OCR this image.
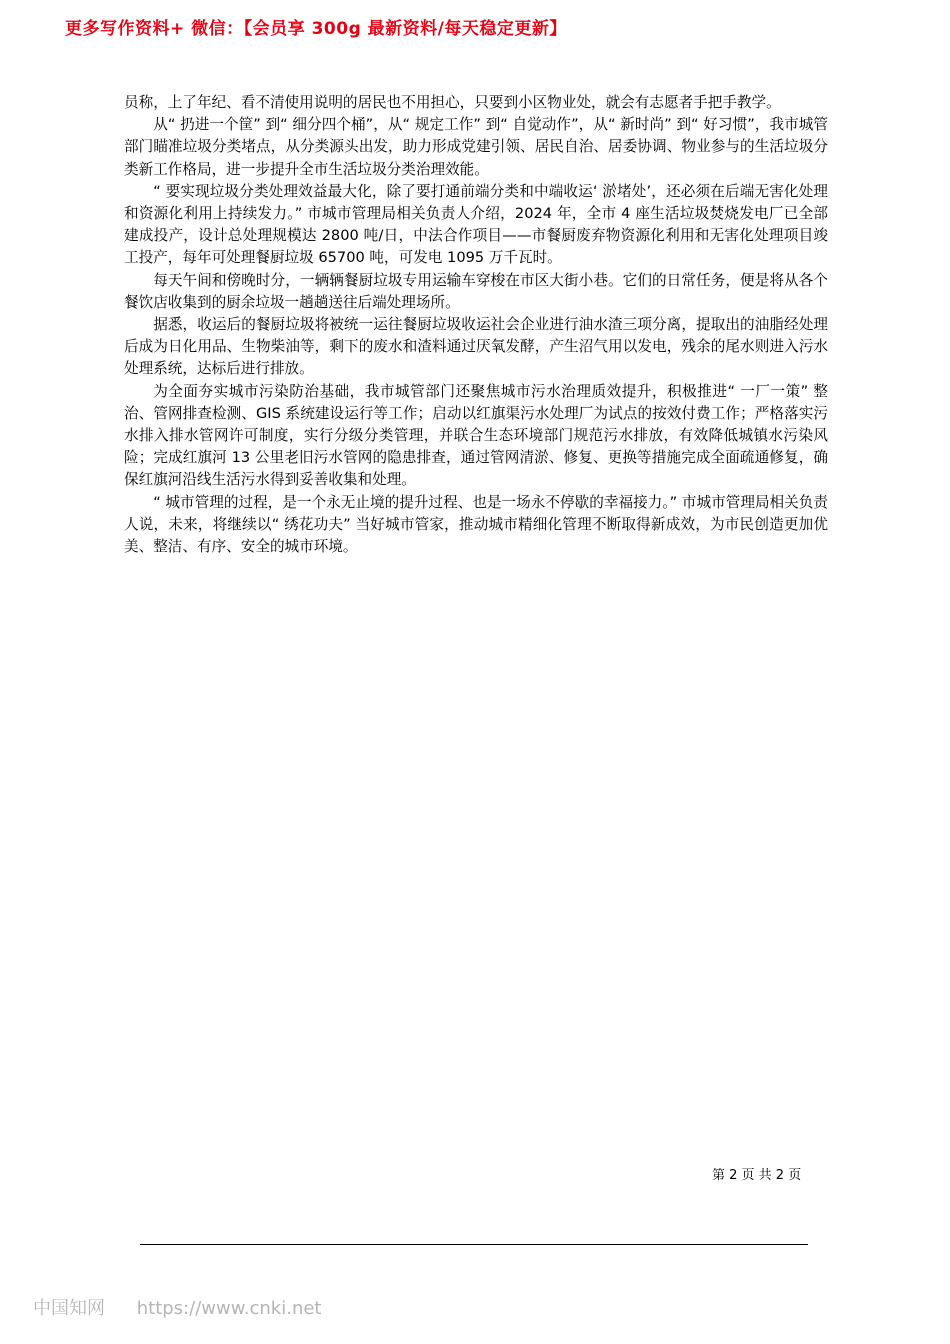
更多写作资料+ 微信：【会员享 300g 最新资料/每天稳定更新】

员称，上了年纪、看不清使用说明的居民也不用担心，只要到小区物业处，就会有志愿者手把手教学。

从“ 扔进一个筐” 到“ 细分四个桶”，从“ 规定工作” 到“ 自觉动作”，从“ 新时尚” 到“ 好习惯”，我市城管部门瞄准垃圾分类堵点，从分类源头出发，助力形成党建引领、居民自治、居委协调、物业参与的生活垃圾分类新工作格局，进一步提升全市生活垃圾分类治理效能。

“ 要实现垃圾分类处理效益最大化，除了要打通前端分类和中端收运‘ 淤堵处’，还必须在后端无害化处理和资源化利用上持续发力。” 市城市管理局相关负责人介绍，2024 年，全市 4 座生活垃圾焚烧发电厂已全部建成投产，设计总处理规模达 2800 吨/日，中法合作项目——市餐厨废弃物资源化利用和无害化处理项目竣工投产，每年可处理餐厨垃圾 65700 吨，可发电 1095 万千瓦时。

每天午间和傍晚时分，一辆辆餐厨垃圾专用运输车穿梭在市区大街小巷。它们的日常任务，便是将从各个餐饮店收集到的厨余垃圾一趟趟送往后端处理场所。

据悉，收运后的餐厨垃圾将被统一运往餐厨垃圾收运社会企业进行油水渣三项分离，提取出的油脂经处理后成为日化用品、生物柴油等，剩下的废水和渣料通过厌氧发酵，产生沼气用以发电，残余的尾水则进入污水处理系统，达标后进行排放。

为全面夯实城市污染防治基础，我市城管部门还聚焦城市污水治理质效提升，积极推进“ 一厂一策” 整治、管网排查检测、GIS 系统建设运行等工作；启动以红旗渠污水处理厂为试点的按效付费工作；严格落实污水排入排水管网许可制度，实行分级分类管理，并联合生态环境部门规范污水排放，有效降低城镇水污染风险；完成红旗河 13 公里老旧污水管网的隐患排查，通过管网清淤、修复、更换等措施完成全面疏通修复，确保红旗河沿线生活污水得到妥善收集和处理。

“ 城市管理的过程，是一个永无止境的提升过程、也是一场永不停歇的幸福接力。” 市城市管理局相关负责人说，未来，将继续以“ 绣花功夫” 当好城市管家，推动城市精细化管理不断取得新成效，为市民创造更加优美、整洁、有序、安全的城市环境。

第 2 页 共 2 页
中国知网 https://www.cnki.net
